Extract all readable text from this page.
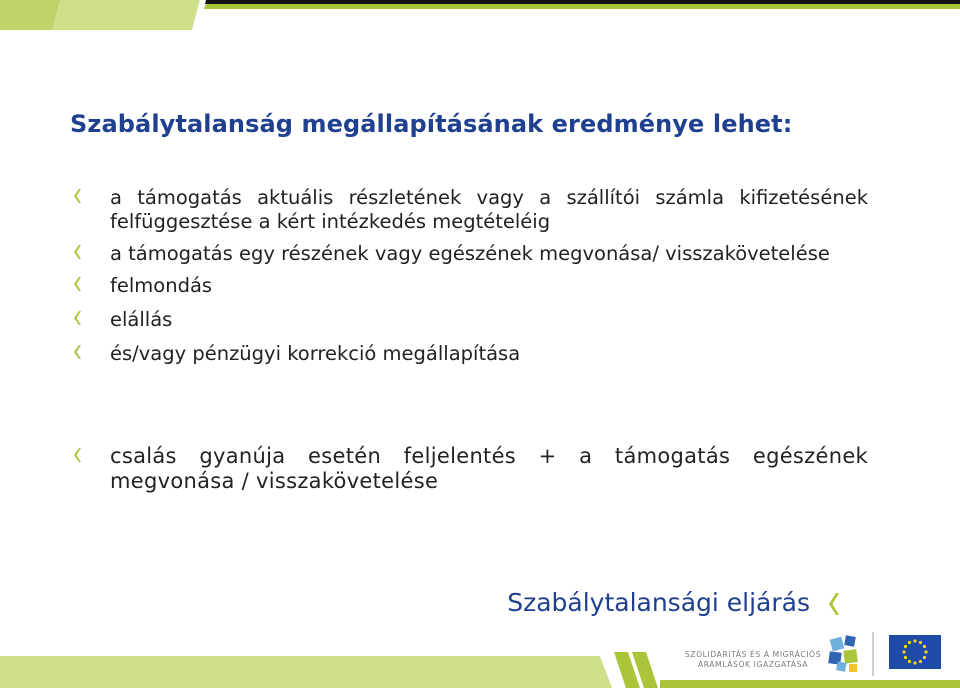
Szabálytalanság megállapításának eredménye lehet:
a támogatás aktuális részletének vagy a szállítói számla kifizetésének felfüggesztése a kért intézkedés megtételéig
a támogatás egy részének vagy egészének megvonása/ visszakövetelése
felmondás
elállás
és/vagy pénzügyi korrekció megállapítása
csalás gyanúja esetén feljelentés + a támogatás egészének megvonása / visszakövetelése
Szabálytalansági eljárás
SZOLIDARITÁS ÉS A MIGRÁCIÓS
ÁRAMLÁSOK IGAZGATÁSA
